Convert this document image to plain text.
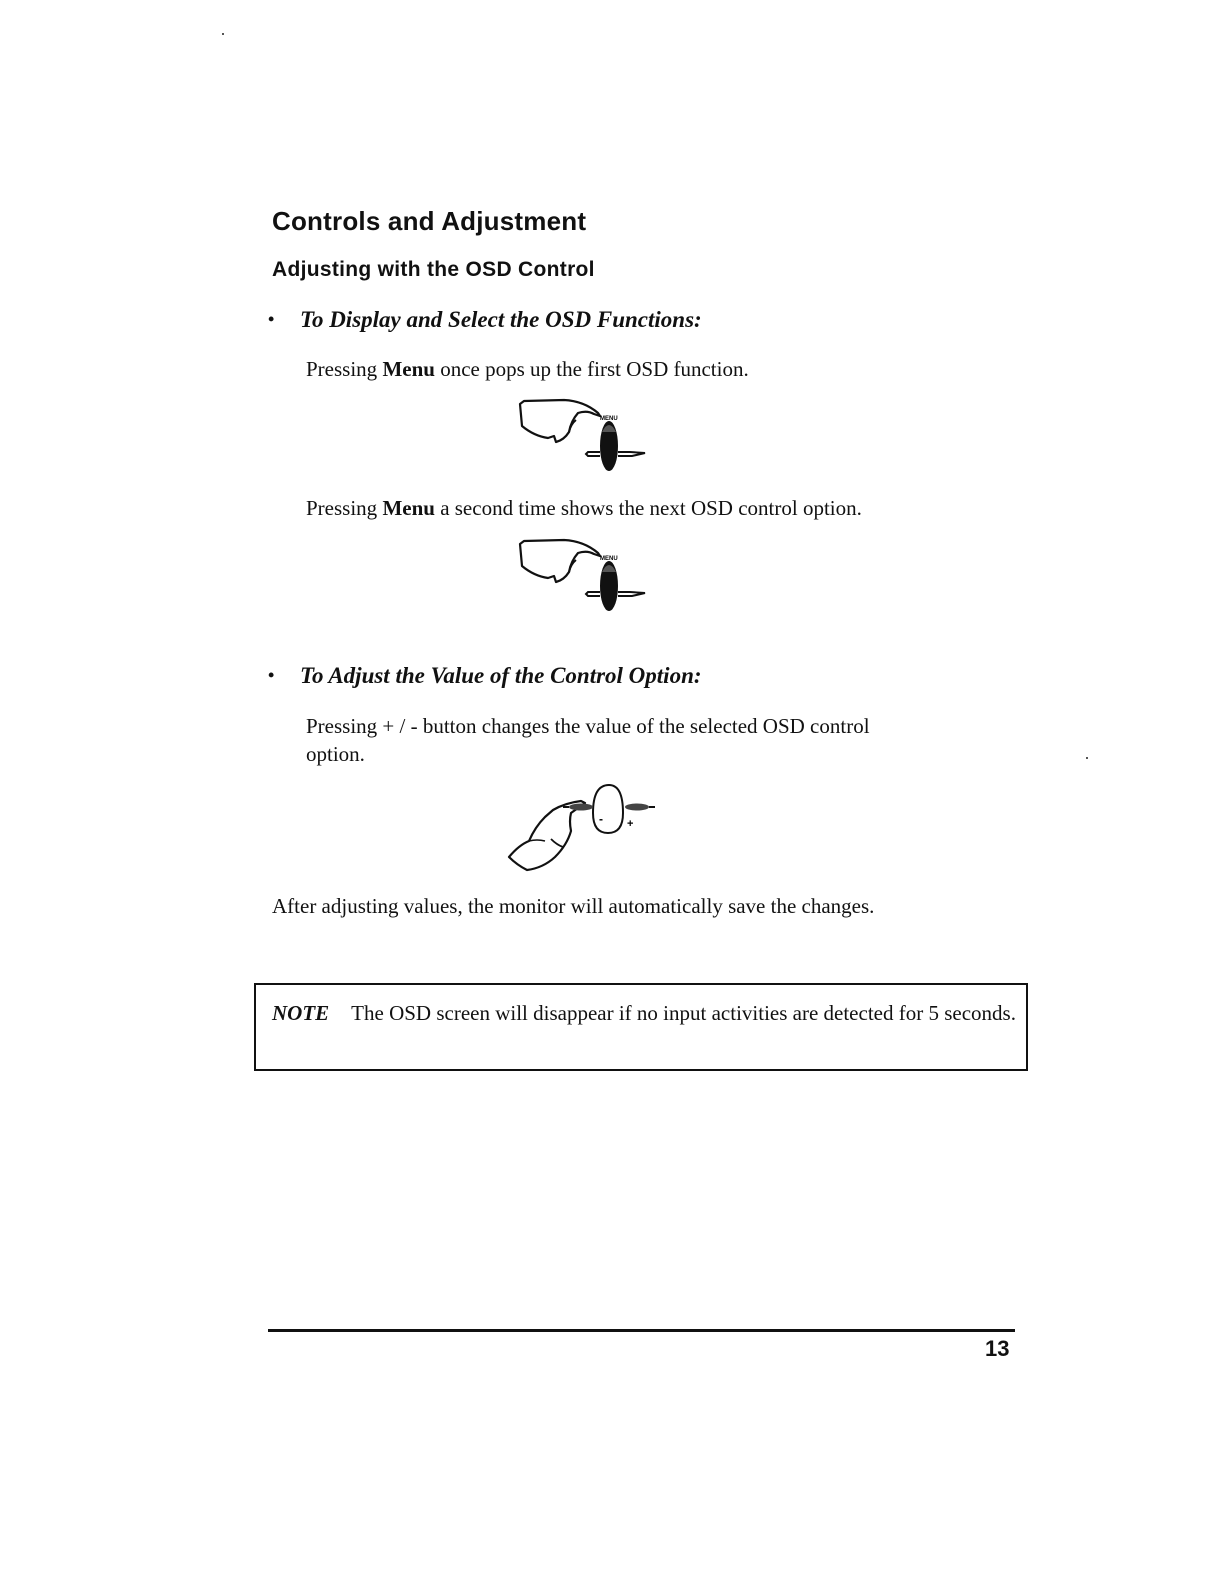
Controls and Adjustment
Adjusting with the OSD Control
• To Display and Select the OSD Functions:
Pressing Menu once pops up the first OSD function.
MENU
Pressing Menu a second time shows the next OSD control option.
MENU
• To Adjust the Value of the Control Option:
Pressing + / - button changes the value of the selected OSD control
option.
- +
After adjusting values, the monitor will automatically save the changes.
NOTE The OSD screen will disappear if no input activities are detected for 5 seconds.
13
